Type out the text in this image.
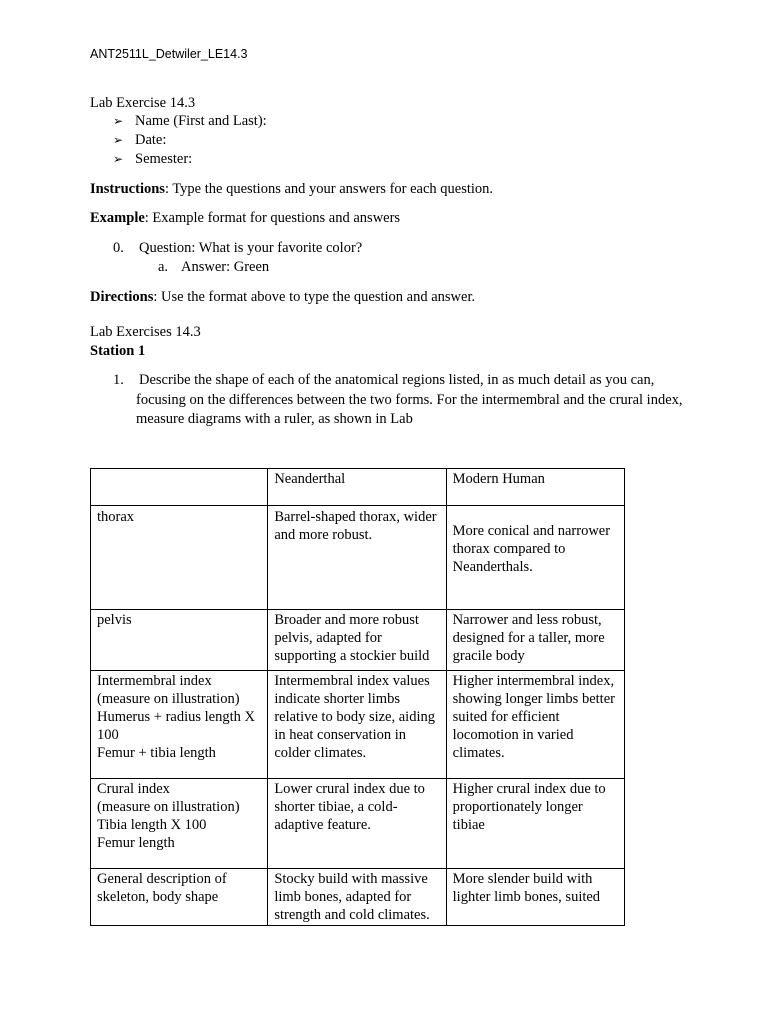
ANT2511L_Detwiler_LE14.3
Lab Exercise 14.3
➢ Name (First and Last):
➢ Date:
➢ Semester:
Instructions: Type the questions and your answers for each question.
Example: Example format for questions and answers
0. Question: What is your favorite color?
a. Answer: Green
Directions: Use the format above to type the question and answer.
Lab Exercises 14.3
Station 1
1. Describe the shape of each of the anatomical regions listed, in as much detail as you can, focusing on the differences between the two forms. For the intermembral and the crural index, measure diagrams with a ruler, as shown in Lab
	Neanderthal	Modern Human
thorax	Barrel-shaped thorax, wider and more robust.	More conical and narrower thorax compared to Neanderthals.
pelvis	Broader and more robust pelvis, adapted for supporting a stockier build	Narrower and less robust, designed for a taller, more gracile body
Intermembral index
(measure on illustration)
Humerus + radius length X 100
Femur + tibia length	Intermembral index values indicate shorter limbs relative to body size, aiding in heat conservation in colder climates.	Higher intermembral index, showing longer limbs better suited for efficient locomotion in varied climates.
Crural index
(measure on illustration)
Tibia length X 100
Femur length	Lower crural index due to shorter tibiae, a cold-adaptive feature.	Higher crural index due to proportionately longer tibiae
General description of skeleton, body shape	Stocky build with massive limb bones, adapted for strength and cold climates.	More slender build with lighter limb bones, suited
